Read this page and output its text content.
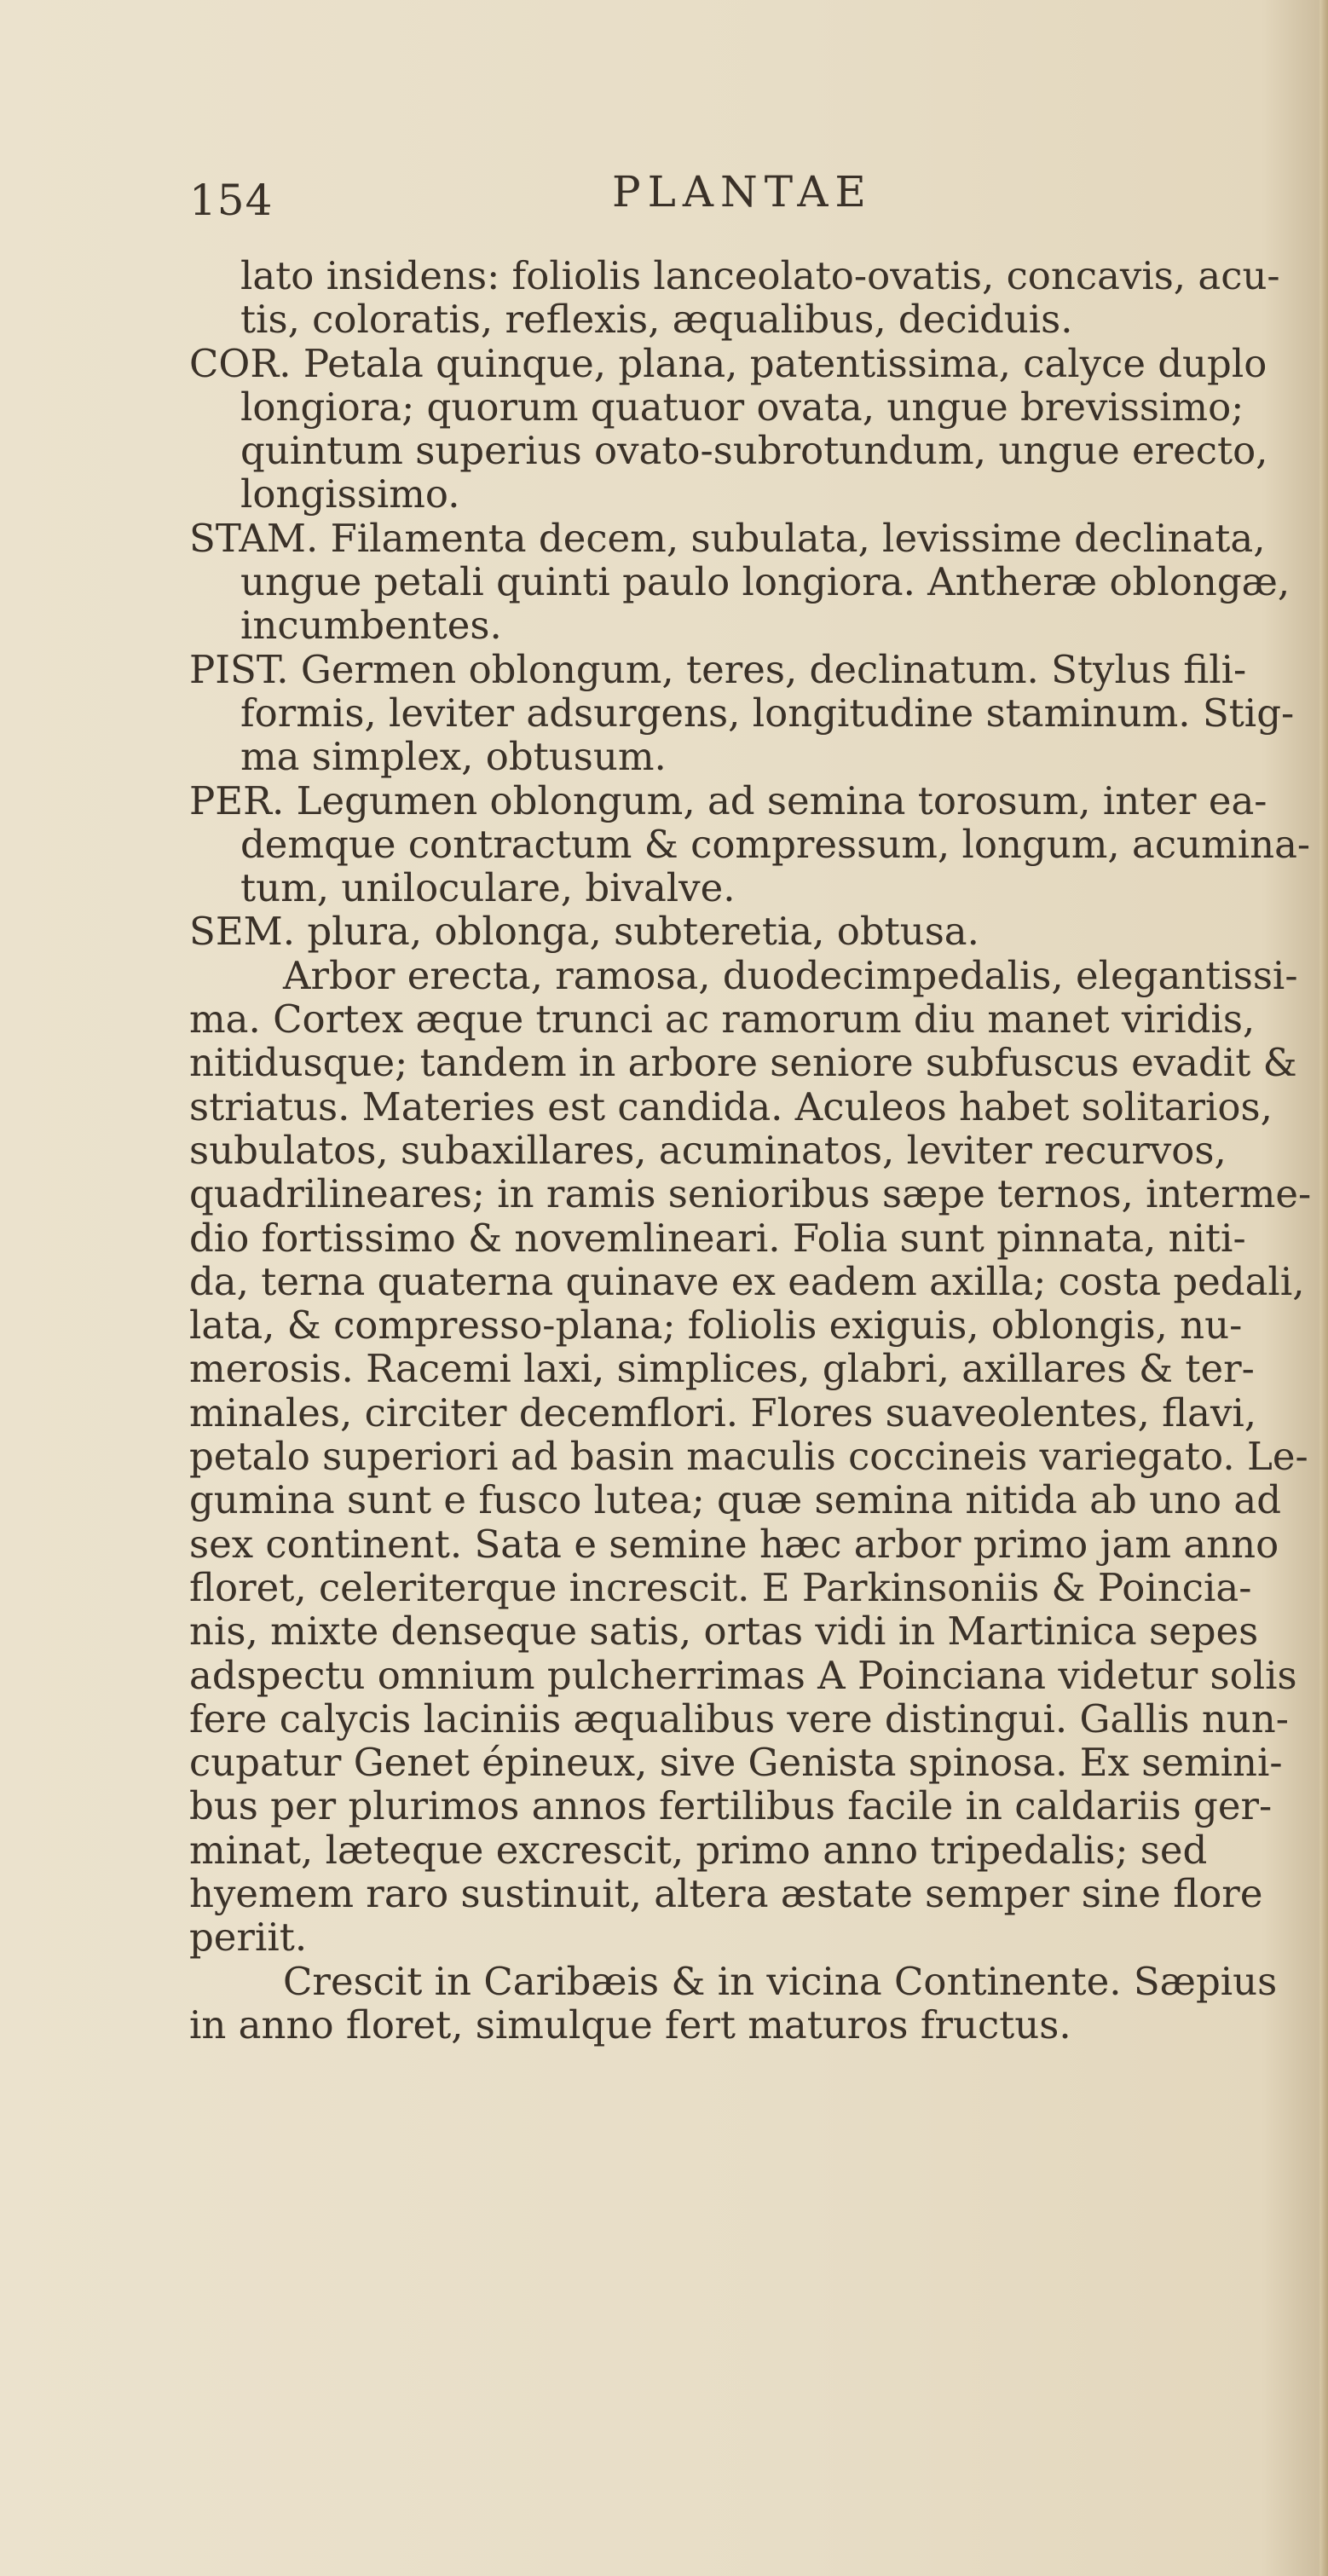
154	PLANTAE
lato insidens: foliolis lanceolato-ovatis, concavis, acu-
tis, coloratis, reflexis, æqualibus, deciduis.
COR. Petala quinque, plana, patentissima, calyce duplo
longiora; quorum quatuor ovata, ungue brevissimo;
quintum superius ovato-subrotundum, ungue erecto,
longissimo.
STAM. Filamenta decem, subulata, levissime declinata,
ungue petali quinti paulo longiora. Antheræ oblongæ,
incumbentes.
PIST. Germen oblongum, teres, declinatum. Stylus fili-
formis, leviter adsurgens, longitudine staminum. Stig-
ma simplex, obtusum.
PER. Legumen oblongum, ad semina torosum, inter ea-
demque contractum & compressum, longum, acumina-
tum, uniloculare, bivalve.
SEM. plura, oblonga, subteretia, obtusa.
Arbor erecta, ramosa, duodecimpedalis, elegantissi-
ma. Cortex æque trunci ac ramorum diu manet viridis,
nitidusque; tandem in arbore seniore subfuscus evadit &
striatus. Materies est candida. Aculeos habet solitarios,
subulatos, subaxillares, acuminatos, leviter recurvos,
quadrilineares; in ramis senioribus sæpe ternos, interme-
dio fortissimo & novemlineari. Folia sunt pinnata, niti-
da, terna quaterna quinave ex eadem axilla; costa pedali,
lata, & compresso-plana; foliolis exiguis, oblongis, nu-
merosis. Racemi laxi, simplices, glabri, axillares & ter-
minales, circiter decemflori. Flores suaveolentes, flavi,
petalo superiori ad basin maculis coccineis variegato. Le-
gumina sunt e fusco lutea; quæ semina nitida ab uno ad
sex continent. Sata e semine hæc arbor primo jam anno
floret, celeriterque increscit. E Parkinsoniis & Poincia-
nis, mixte denseque satis, ortas vidi in Martinica sepes
adspectu omnium pulcherrimas A Poinciana videtur solis
fere calycis laciniis æqualibus vere distingui. Gallis nun-
cupatur Genet épineux, sive Genista spinosa. Ex semini-
bus per plurimos annos fertilibus facile in caldariis ger-
minat, læteque excrescit, primo anno tripedalis; sed
hyemem raro sustinuit, altera æstate semper sine flore
periit.
Crescit in Caribæis & in vicina Continente. Sæpius
in anno floret, simulque fert maturos fructus.
